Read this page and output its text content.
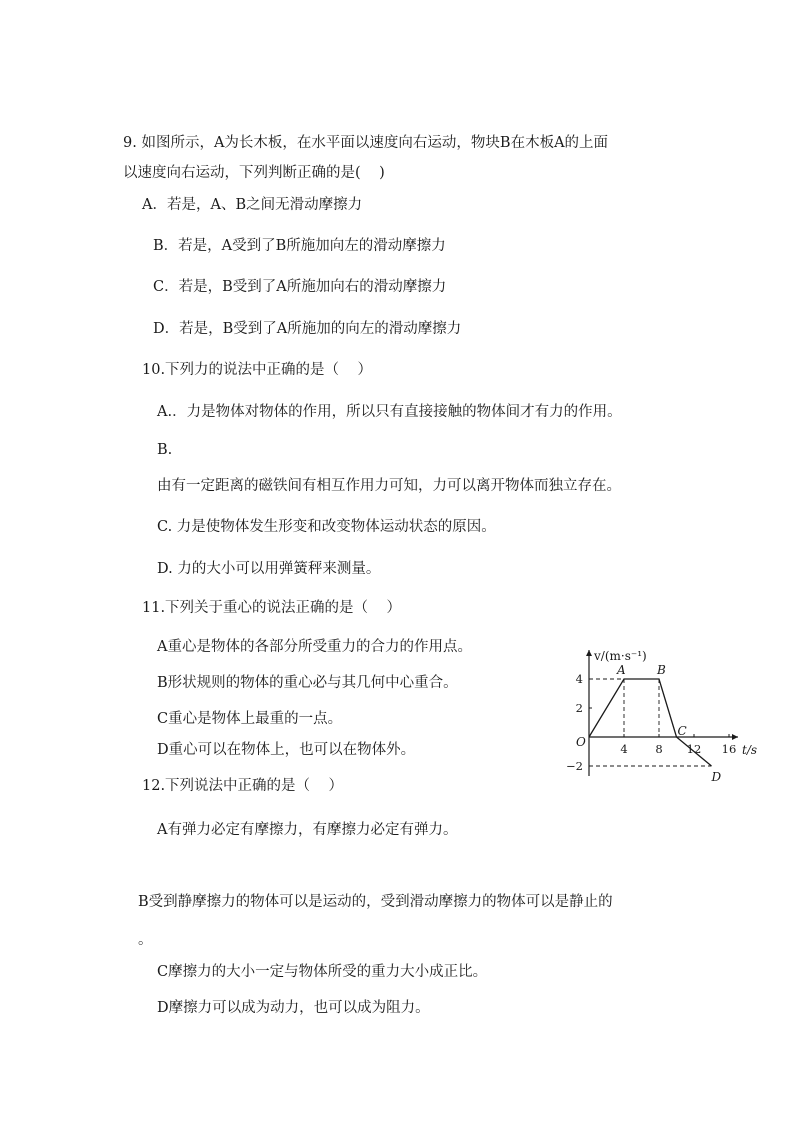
9. 如图所示，A为长木板，在水平面以速度向右运动，物块B在木板A的上面
以速度向右运动，下列判断正确的是(    )
A．若是，A、B之间无滑动摩擦力
B．若是，A受到了B所施加向左的滑动摩擦力
C．若是，B受到了A所施加向右的滑动摩擦力
D．若是，B受到了A所施加的向左的滑动摩擦力
10.下列力的说法中正确的是（    ）
A.．力是物体对物体的作用，所以只有直接接触的物体间才有力的作用。
B.
由有一定距离的磁铁间有相互作用力可知，力可以离开物体而独立存在。
C. 力是使物体发生形变和改变物体运动状态的原因。
D. 力的大小可以用弹簧秤来测量。
11.下列关于重心的说法正确的是（    ）
A重心是物体的各部分所受重力的合力的作用点。
B形状规则的物体的重心必与其几何中心重合。
C重心是物体上最重的一点。
D重心可以在物体上，也可以在物体外。	4 8 12 16
−2
2
4
A	B
C
D
O
v/(m·s⁻¹)
t/s
12.下列说法中正确的是（    ）
A有弹力必定有摩擦力，有摩擦力必定有弹力。
B受到静摩擦力的物体可以是运动的，受到滑动摩擦力的物体可以是静止的
。
C摩擦力的大小一定与物体所受的重力大小成正比。
D摩擦力可以成为动力，也可以成为阻力。
